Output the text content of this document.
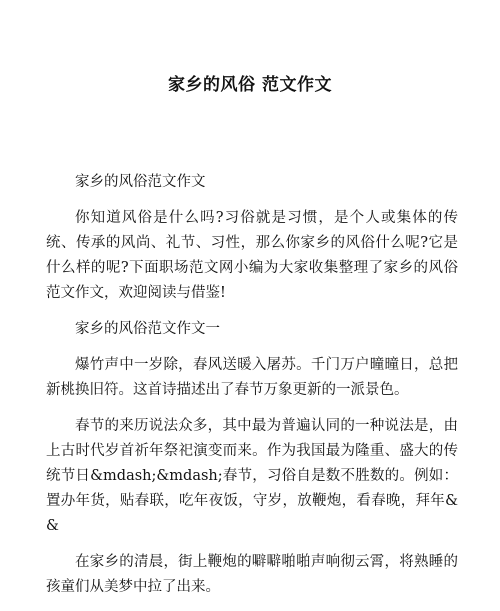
家乡的风俗 范文作文

家乡的风俗范文作文

你知道风俗是什么吗?习俗就是习惯，是个人或集体的传统、传承的风尚、礼节、习性，那么你家乡的风俗什么呢?它是什么样的呢?下面职场范文网小编为大家收集整理了家乡的风俗范文作文，欢迎阅读与借鉴!

家乡的风俗范文作文一

爆竹声中一岁除，春风送暖入屠苏。千门万户曈曈日，总把新桃换旧符。这首诗描述出了春节万象更新的一派景色。

春节的来历说法众多，其中最为普遍认同的一种说法是，由上古时代岁首祈年祭祀演变而来。作为我国最为隆重、盛大的传统节日&mdash;&mdash;春节，习俗自是数不胜数的。例如：置办年货，贴春联，吃年夜饭，守岁，放鞭炮，看春晚，拜年&&

在家乡的清晨，街上鞭炮的噼噼啪啪声响彻云霄，将熟睡的孩童们从美梦中拉了出来。
